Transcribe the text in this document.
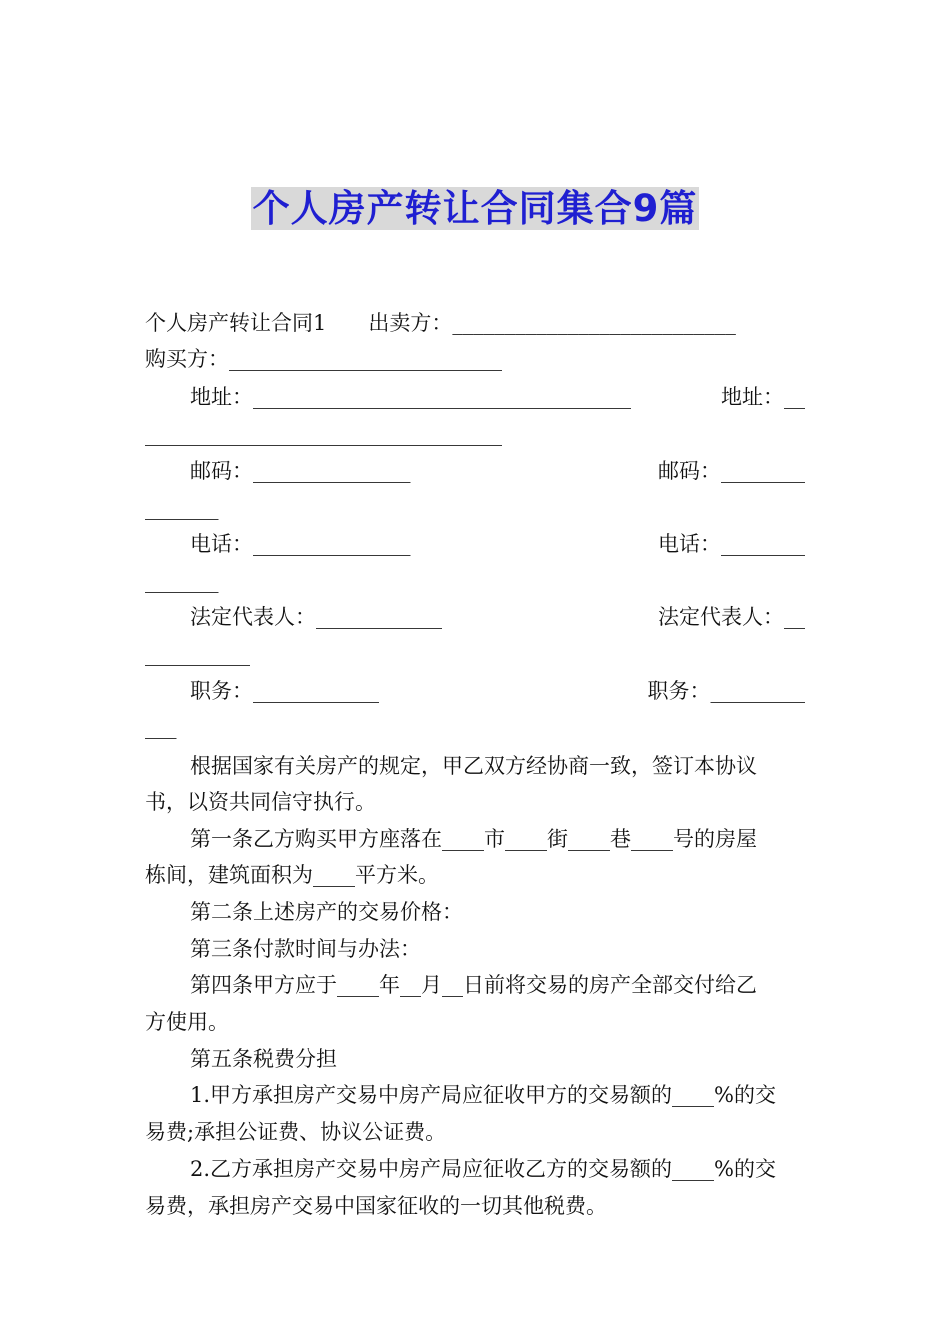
个人房产转让合同集合9篇
个人房产转让合同1　　出卖方：___________________________
购买方：__________________________
地址：____________________________________	地址：__
__________________________________
邮码：_______________	邮码：________
_______
电话：_______________	电话：________
_______
法定代表人：____________	法定代表人：__
__________
职务：____________	职务：_________
___
根据国家有关房产的规定，甲乙双方经协商一致，签订本协议
书，以资共同信守执行。
第一条乙方购买甲方座落在____市____街____巷____号的房屋
栋间，建筑面积为____平方米。
第二条上述房产的交易价格：
第三条付款时间与办法：
第四条甲方应于____年__月__日前将交易的房产全部交付给乙
方使用。
第五条税费分担
1.甲方承担房产交易中房产局应征收甲方的交易额的____%的交
易费;承担公证费、协议公证费。
2.乙方承担房产交易中房产局应征收乙方的交易额的____%的交
易费，承担房产交易中国家征收的一切其他税费。
